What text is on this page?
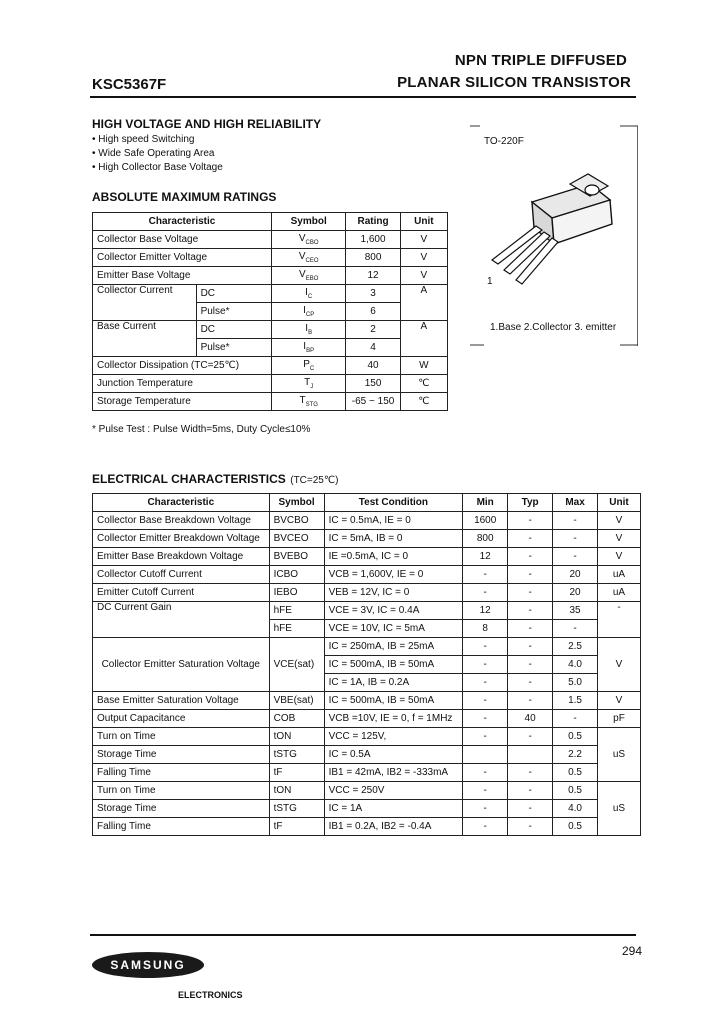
NPN TRIPLE DIFFUSED
PLANAR SILICON TRANSISTOR
KSC5367F
HIGH VOLTAGE AND HIGH RELIABILITY
• High speed Switching
• Wide Safe Operating Area
• High Collector Base Voltage
TO-220F
1
1.Base 2.Collector 3. emitter
ABSOLUTE MAXIMUM RATINGS
Characteristic		Symbol	Rating	Unit
Collector Base Voltage		$V_{CBO}$	1,600	V
Collector Emitter Voltage		$V_{CEO}$	800	V
Emitter Base Voltage		$V_{EBO}$	12	V
Collector Current	DC	$I_C$	3	A
	Pulse*	$I_{CP}$	6	
Base Current	DC	$I_B$	2	A
	Pulse*	$I_{BP}$	4	
Collector Dissipation (TC=25℃)		$P_C$	40	W
Junction Temperature		$T_J$	150	℃
Storage Temperature		$T_{STG}$	-65 ~ 150	℃
* Pulse Test : Pulse Width=5ms, Duty Cycle≤10%
ELECTRICAL CHARACTERISTICS (TC=25℃)
Characteristic	Symbol	Test Condition	Min	Typ	Max	Unit
Collector Base Breakdown Voltage	BVCBO	IC = 0.5mA, IE = 0	1600	-	-	V
Collector Emitter Breakdown Voltage	BVCEO	IC = 5mA, IB = 0	800	-	-	V
Emitter Base Breakdown Voltage	BVEBO	IE =0.5mA, IC = 0	12	-	-	V
Collector Cutoff Current	ICBO	VCB = 1,600V, IE = 0	-	-	20	uA
Emitter Cutoff Current	IEBO	VEB = 12V, IC = 0	-	-	20	uA
DC Current Gain	hFE	VCE = 3V, IC = 0.4A	12	-	35	-
	hFE	VCE = 10V, IC = 5mA	8	-	-	
Collector Emitter Saturation Voltage	VCE(sat)	IC = 250mA, IB = 25mA	-	-	2.5	V
		IC = 500mA, IB = 50mA	-	-	4.0	
		IC = 1A, IB = 0.2A	-	-	5.0	
Base Emitter Saturation Voltage	VBE(sat)	IC = 500mA, IB = 50mA	-	-	1.5	V
Output Capacitance	COB	VCB =10V, IE = 0, f = 1MHz	-	40	-	pF
Turn on Time	tON	VCC = 125V,	-	-	0.5	uS
Storage Time	tSTG	IC = 0.5A			2.2	
Falling Time	tF	IB1 = 42mA, IB2 = -333mA	-	-	0.5	
Turn on Time	tON	VCC = 250V	-	-	0.5	uS
Storage Time	tSTG	IC = 1A	-	-	4.0	
Falling Time	tF	IB1 = 0.2A, IB2 = -0.4A	-	-	0.5	
294
SAMSUNG
ELECTRONICS
